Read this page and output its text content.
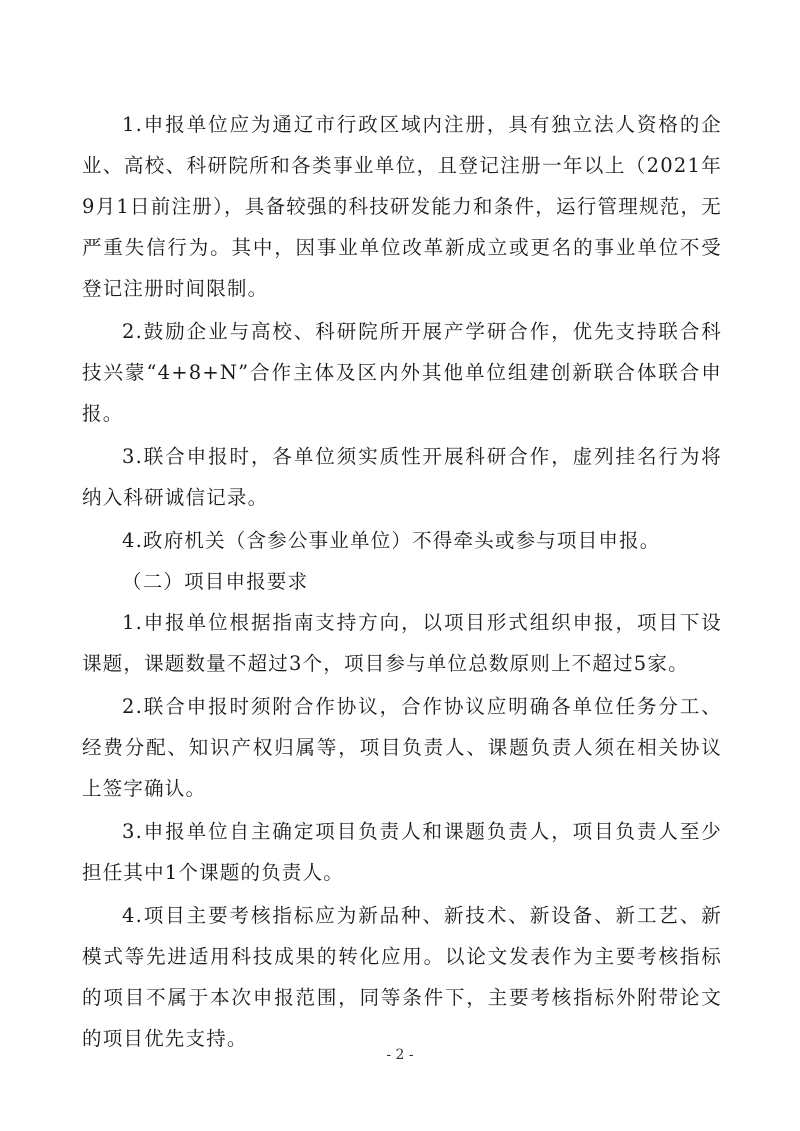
1.申报单位应为通辽市行政区域内注册，具有独立法人资格的企业、高校、科研院所和各类事业单位，且登记注册一年以上（2021年9月1日前注册），具备较强的科技研发能力和条件，运行管理规范，无严重失信行为。其中，因事业单位改革新成立或更名的事业单位不受登记注册时间限制。

2.鼓励企业与高校、科研院所开展产学研合作，优先支持联合科技兴蒙“4+8+N”合作主体及区内外其他单位组建创新联合体联合申报。

3.联合申报时，各单位须实质性开展科研合作，虚列挂名行为将纳入科研诚信记录。

4.政府机关（含参公事业单位）不得牵头或参与项目申报。

（二）项目申报要求

1.申报单位根据指南支持方向，以项目形式组织申报，项目下设课题，课题数量不超过3个，项目参与单位总数原则上不超过5家。

2.联合申报时须附合作协议，合作协议应明确各单位任务分工、经费分配、知识产权归属等，项目负责人、课题负责人须在相关协议上签字确认。

3.申报单位自主确定项目负责人和课题负责人，项目负责人至少担任其中1个课题的负责人。

4.项目主要考核指标应为新品种、新技术、新设备、新工艺、新模式等先进适用科技成果的转化应用。以论文发表作为主要考核指标的项目不属于本次申报范围，同等条件下，主要考核指标外附带论文的项目优先支持。

- 2 -
